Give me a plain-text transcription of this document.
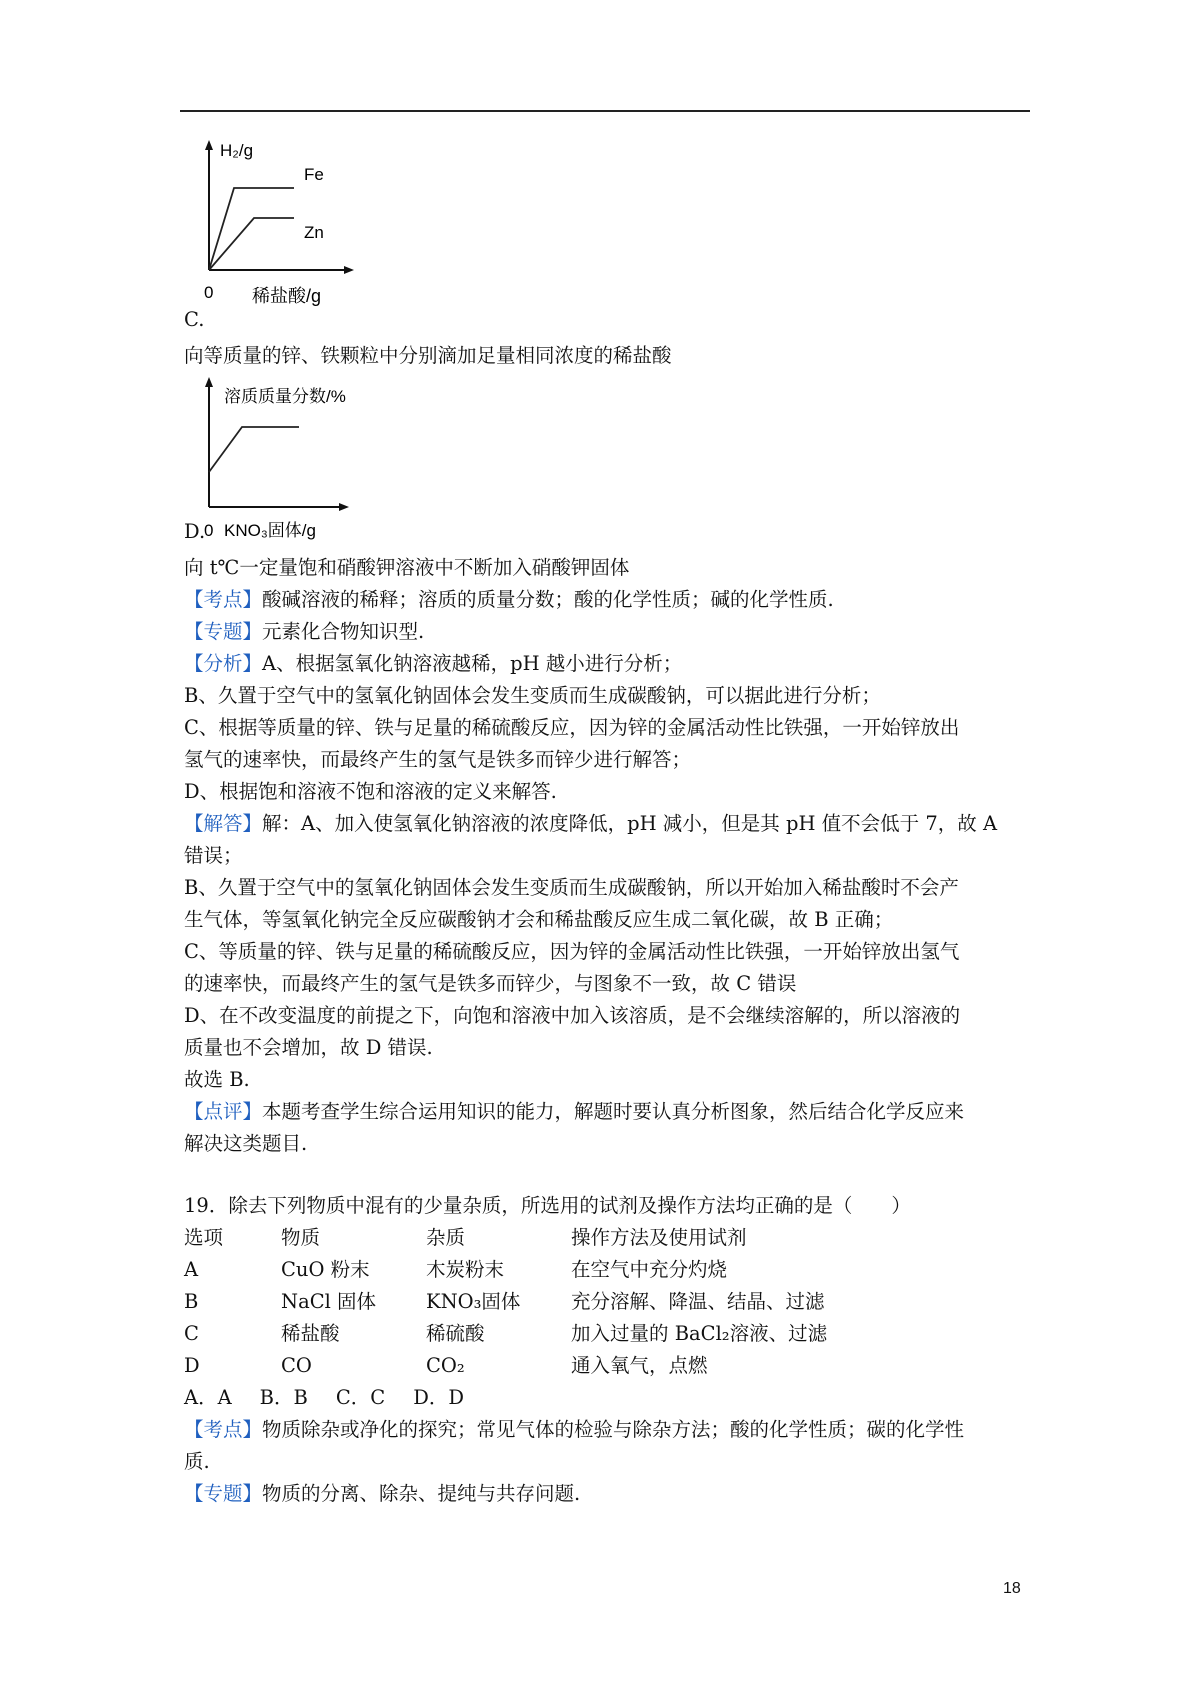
C.
H₂/g
Fe
Zn
0 稀盐酸/g
向等质量的锌、铁颗粒中分别滴加足量相同浓度的稀盐酸
D.
溶质质量分数/%
0 KNO₃固体/g
向 t℃一定量饱和硝酸钾溶液中不断加入硝酸钾固体
【考点】酸碱溶液的稀释；溶质的质量分数；酸的化学性质；碱的化学性质.
【专题】元素化合物知识型.
【分析】A、根据氢氧化钠溶液越稀，pH 越小进行分析；
B、久置于空气中的氢氧化钠固体会发生变质而生成碳酸钠，可以据此进行分析；
C、根据等质量的锌、铁与足量的稀硫酸反应，因为锌的金属活动性比铁强，一开始锌放出
氢气的速率快，而最终产生的氢气是铁多而锌少进行解答；
D、根据饱和溶液不饱和溶液的定义来解答.
【解答】解：A、加入使氢氧化钠溶液的浓度降低，pH 减小，但是其 pH 值不会低于 7，故 A
错误；
B、久置于空气中的氢氧化钠固体会发生变质而生成碳酸钠，所以开始加入稀盐酸时不会产
生气体，等氢氧化钠完全反应碳酸钠才会和稀盐酸反应生成二氧化碳，故 B 正确；
C、等质量的锌、铁与足量的稀硫酸反应，因为锌的金属活动性比铁强，一开始锌放出氢气
的速率快，而最终产生的氢气是铁多而锌少，与图象不一致，故 C 错误
D、在不改变温度的前提之下，向饱和溶液中加入该溶质，是不会继续溶解的，所以溶液的
质量也不会增加，故 D 错误.
故选 B.
【点评】本题考查学生综合运用知识的能力，解题时要认真分析图象，然后结合化学反应来
解决这类题目.
19．除去下列物质中混有的少量杂质，所选用的试剂及操作方法均正确的是（　　）
选项	物质	杂质	操作方法及使用试剂
A	CuO 粉末	木炭粉末	在空气中充分灼烧
B	NaCl 固体	KNO₃固体	充分溶解、降温、结晶、过滤
C	稀盐酸	稀硫酸	加入过量的 BaCl₂溶液、过滤
D	CO	CO₂	通入氧气，点燃
A．A B．B C．C D．D
【考点】物质除杂或净化的探究；常见气体的检验与除杂方法；酸的化学性质；碳的化学性
质.
【专题】物质的分离、除杂、提纯与共存问题.
18
